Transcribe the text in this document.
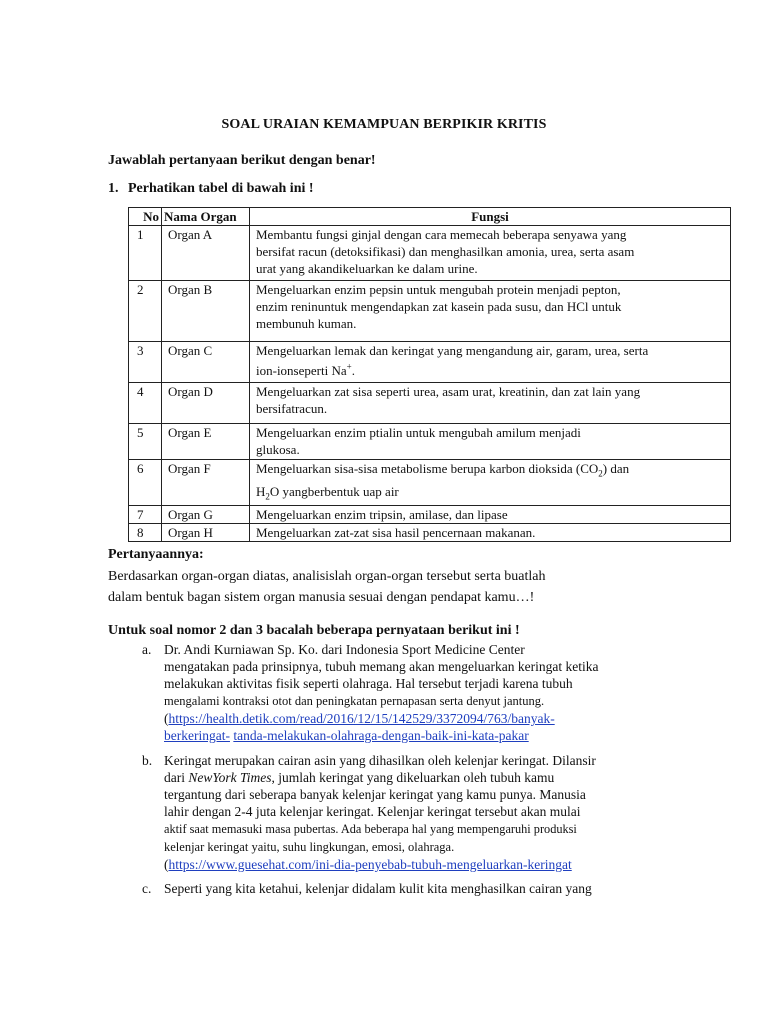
SOAL URAIAN KEMAMPUAN BERPIKIR KRITIS
Jawablah pertanyaan berikut dengan benar!
1. Perhatikan tabel di bawah ini !
No	Nama Organ	Fungsi
1	Organ A	Membantu fungsi ginjal dengan cara memecah beberapa senyawa yang
bersifat racun (detoksifikasi) dan menghasilkan amonia, urea, serta asam
urat yang akandikeluarkan ke dalam urine.
2	Organ B	Mengeluarkan enzim pepsin untuk mengubah protein menjadi pepton,
enzim reninuntuk mengendapkan zat kasein pada susu, dan HCl untuk
membunuh kuman.
3	Organ C	Mengeluarkan lemak dan keringat yang mengandung air, garam, urea, serta
ion-ionseperti Na+.
4	Organ D	Mengeluarkan zat sisa seperti urea, asam urat, kreatinin, dan zat lain yang
bersifatracun.
5	Organ E	Mengeluarkan enzim ptialin untuk mengubah amilum menjadi
glukosa.
6	Organ F	Mengeluarkan sisa-sisa metabolisme berupa karbon dioksida $(CO_2)$ dan
$H_2O$ yangberbentuk uap air
7	Organ G	Mengeluarkan enzim tripsin, amilase, dan lipase
8	Organ H	Mengeluarkan zat-zat sisa hasil pencernaan makanan.
Pertanyaannya:
Berdasarkan organ-organ diatas, analisislah organ-organ tersebut serta buatlah
dalam bentuk bagan sistem organ manusia sesuai dengan pendapat kamu…!
Untuk soal nomor 2 dan 3 bacalah beberapa pernyataan berikut ini !
a. Dr. Andi Kurniawan Sp. Ko. dari Indonesia Sport Medicine Center
mengatakan pada prinsipnya, tubuh memang akan mengeluarkan keringat ketika
melakukan aktivitas fisik seperti olahraga. Hal tersebut terjadi karena tubuh
mengalami kontraksi otot dan peningkatan pernapasan serta denyut jantung.
(https://health.detik.com/read/2016/12/15/142529/3372094/763/banyak-
berkeringat- tanda-melakukan-olahraga-dengan-baik-ini-kata-pakar
b. Keringat merupakan cairan asin yang dihasilkan oleh kelenjar keringat. Dilansir
dari NewYork Times, jumlah keringat yang dikeluarkan oleh tubuh kamu
tergantung dari seberapa banyak kelenjar keringat yang kamu punya. Manusia
lahir dengan 2-4 juta kelenjar keringat. Kelenjar keringat tersebut akan mulai
aktif saat memasuki masa pubertas. Ada beberapa hal yang mempengaruhi produksi
kelenjar keringat yaitu, suhu lingkungan, emosi, olahraga.
(https://www.guesehat.com/ini-dia-penyebab-tubuh-mengeluarkan-keringat
c. Seperti yang kita ketahui, kelenjar didalam kulit kita menghasilkan cairan yang
